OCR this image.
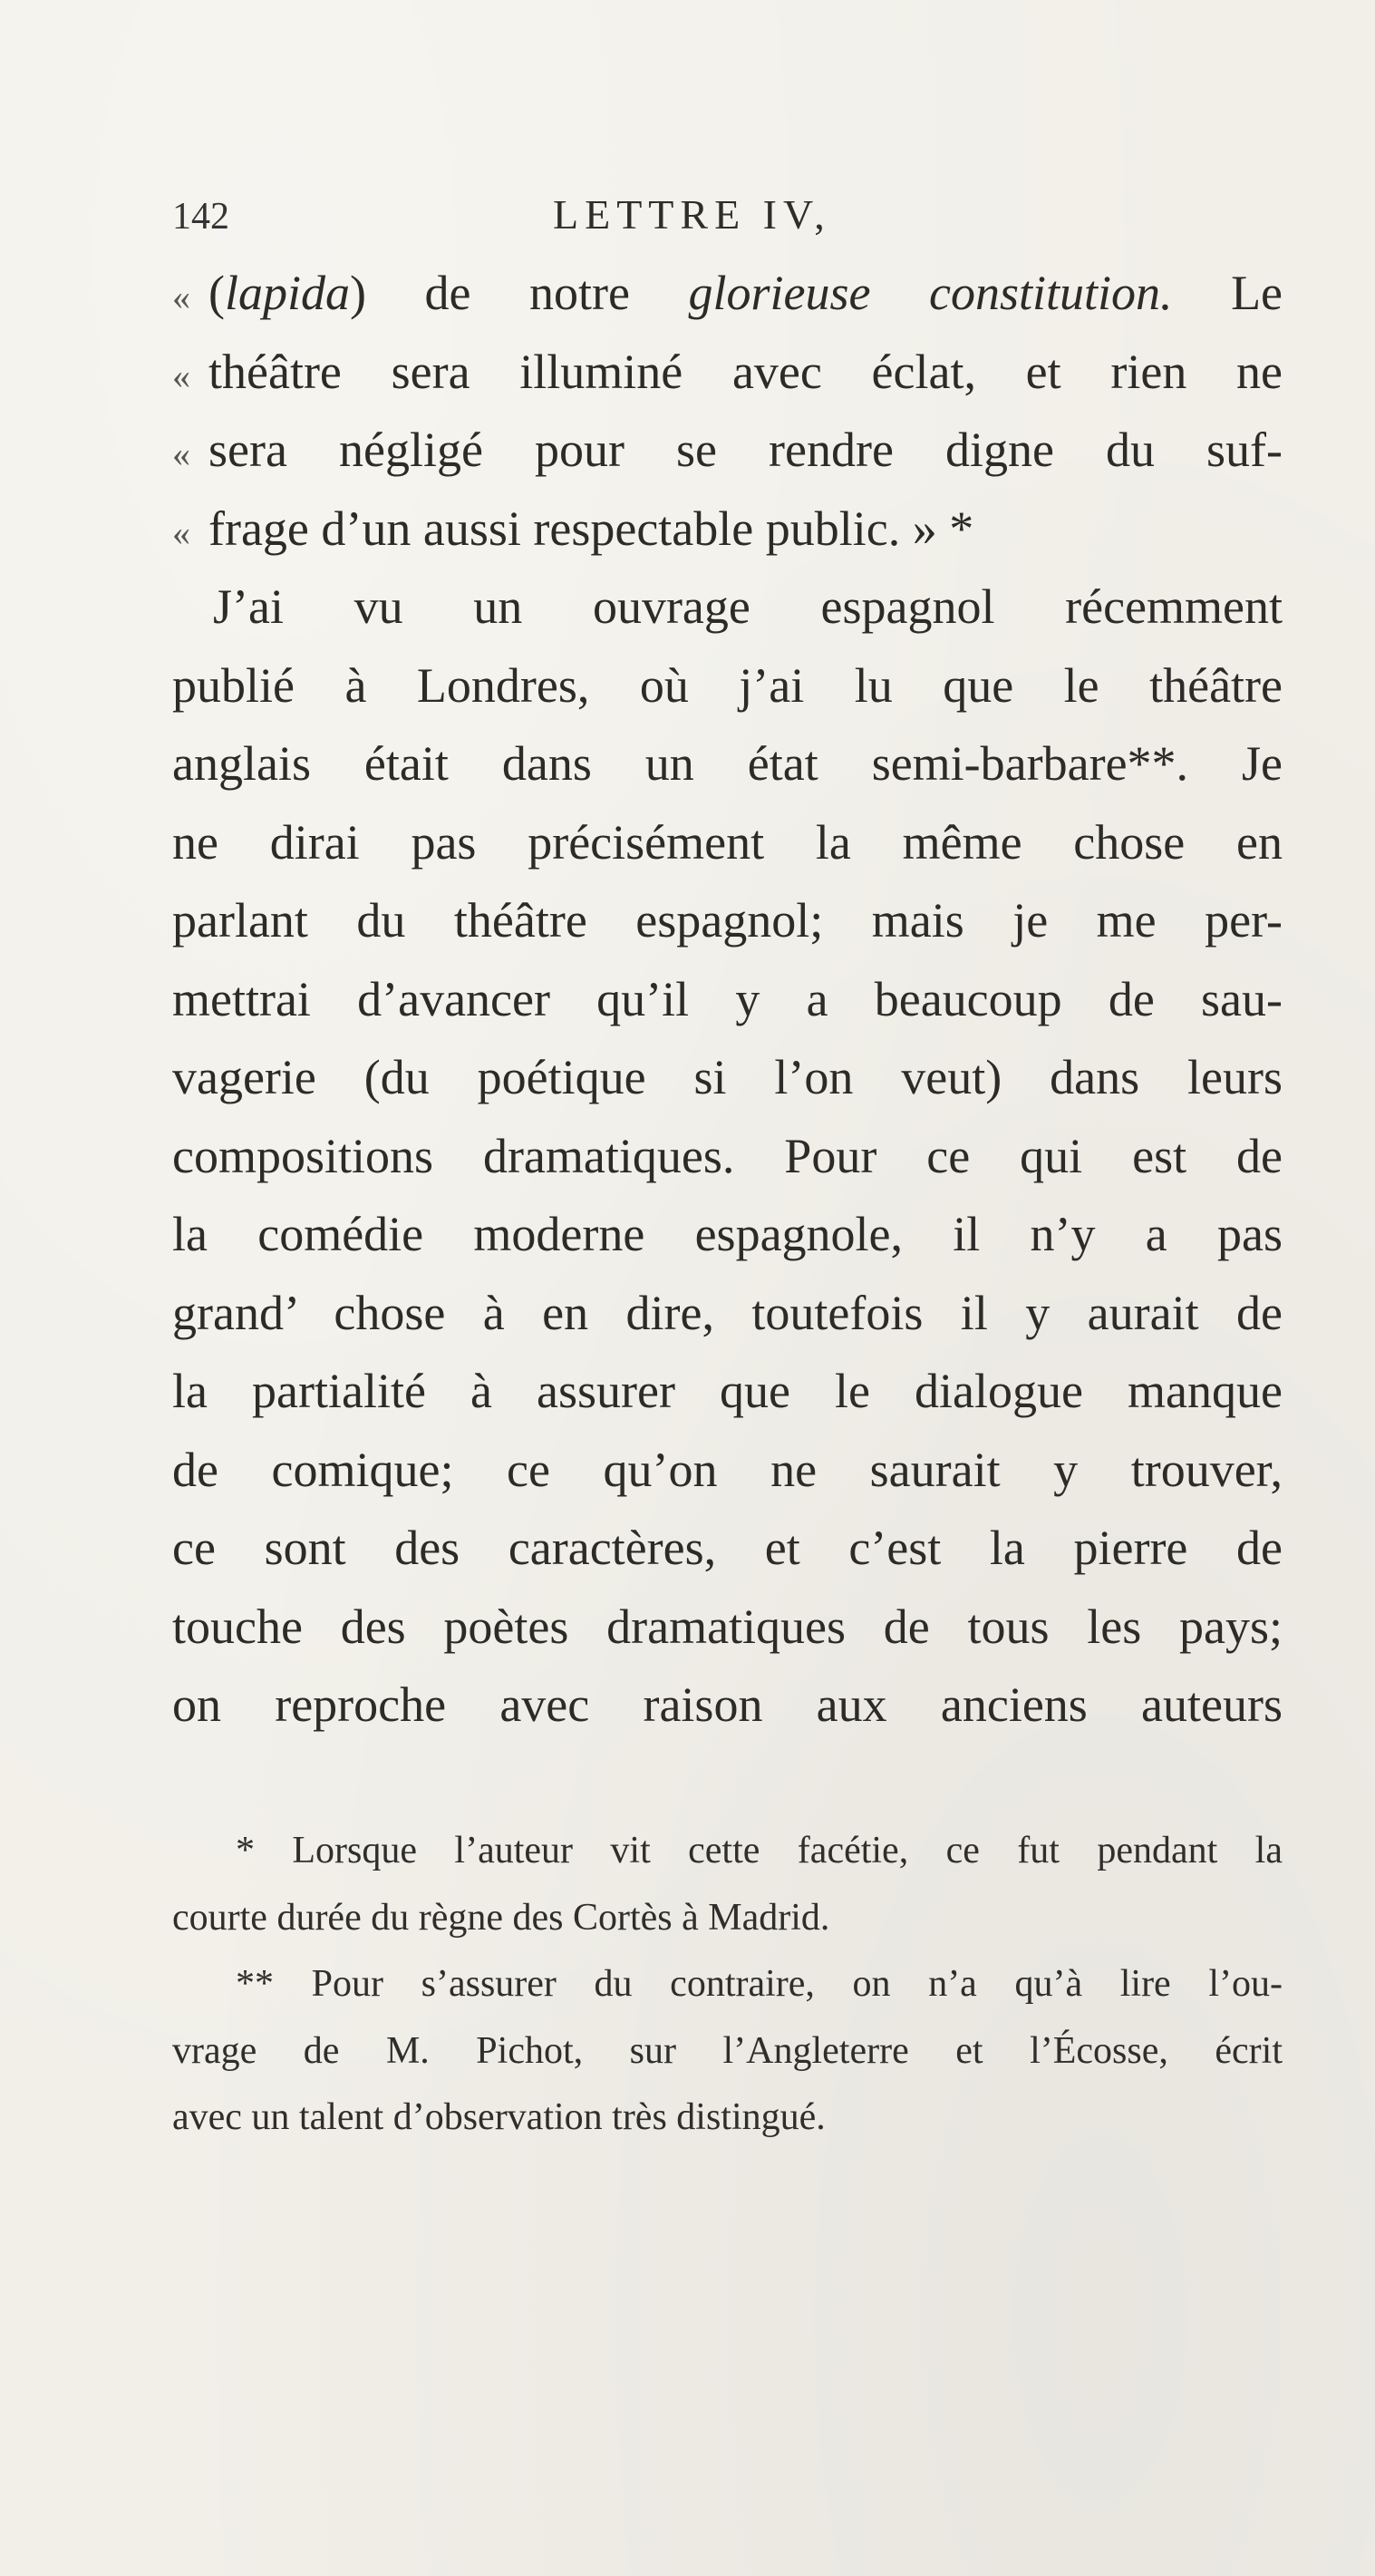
142	LETTRE IV,
« (lapida) de notre glorieuse constitution. Le
« théâtre sera illuminé avec éclat, et rien ne
« sera négligé pour se rendre digne du suf-
« frage d’un aussi respectable public. » *
J’ai vu un ouvrage espagnol récemment
publié à Londres, où j’ai lu que le théâtre
anglais était dans un état semi-barbare**. Je
ne dirai pas précisément la même chose en
parlant du théâtre espagnol; mais je me per-
mettrai d’avancer qu’il y a beaucoup de sau-
vagerie (du poétique si l’on veut) dans leurs
compositions dramatiques. Pour ce qui est de
la comédie moderne espagnole, il n’y a pas
grand’ chose à en dire, toutefois il y aurait de
la partialité à assurer que le dialogue manque
de comique; ce qu’on ne saurait y trouver,
ce sont des caractères, et c’est la pierre de
touche des poètes dramatiques de tous les pays;
on reproche avec raison aux anciens auteurs
* Lorsque l’auteur vit cette facétie, ce fut pendant la
courte durée du règne des Cortès à Madrid.
** Pour s’assurer du contraire, on n’a qu’à lire l’ou-
vrage de M. Pichot, sur l’Angleterre et l’Écosse, écrit
avec un talent d’observation très distingué.
